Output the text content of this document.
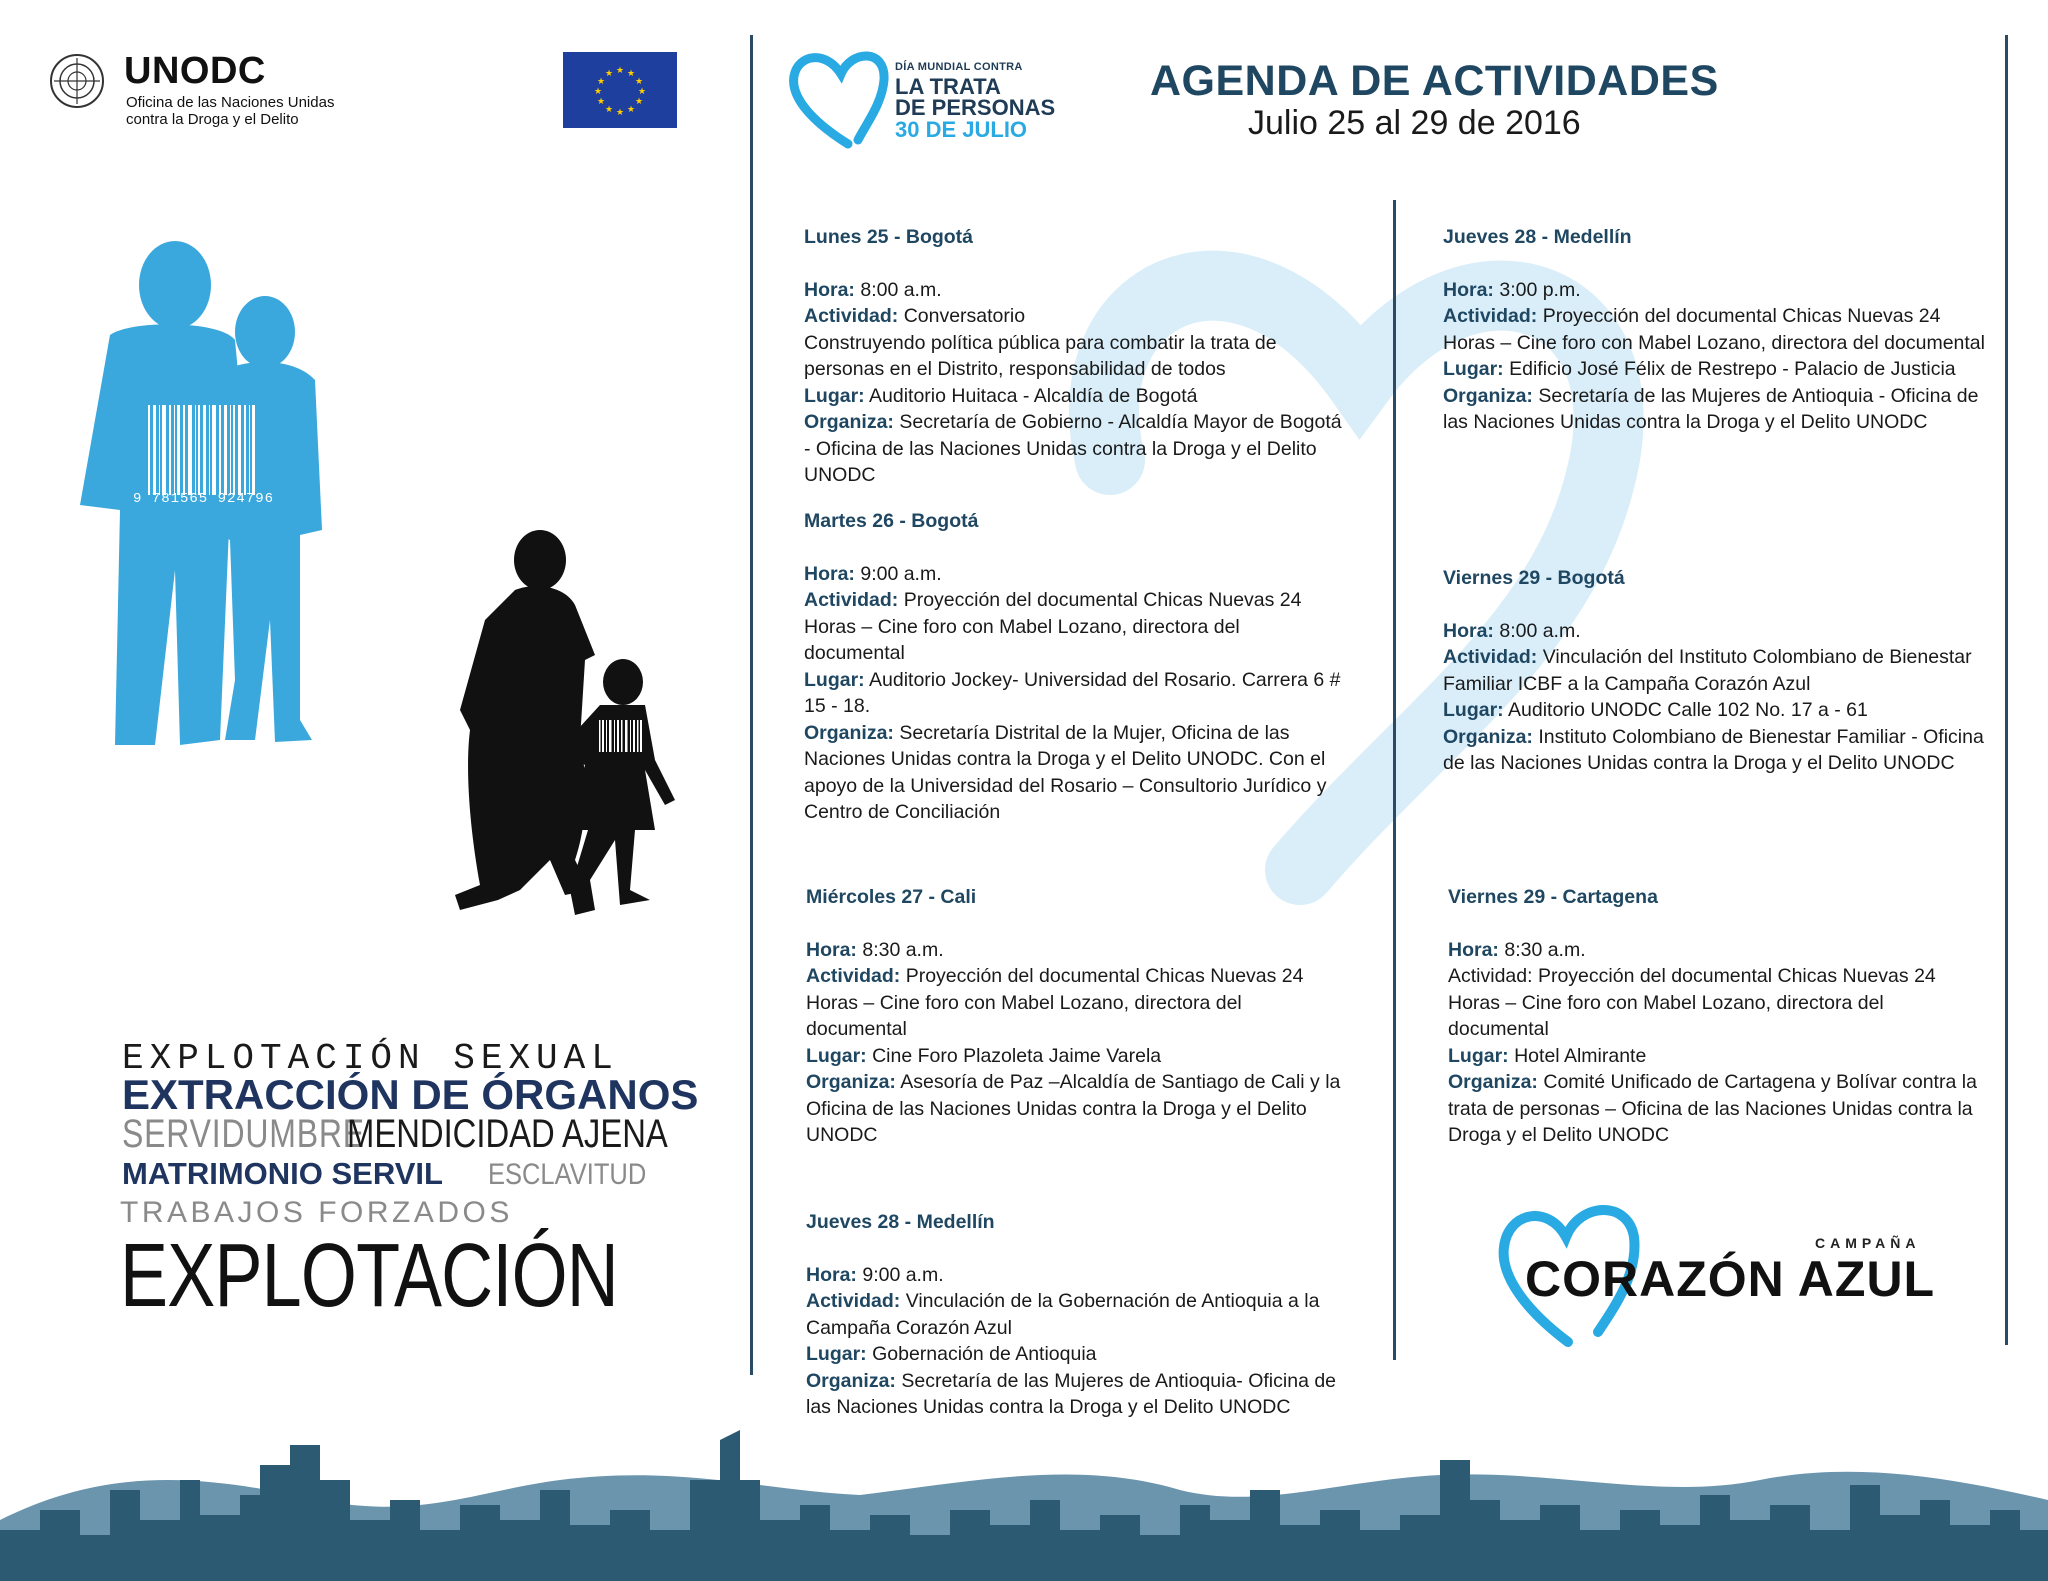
UNODC
Oficina de las Naciones Unidas
contra la Droga y el Delito
★ ★
★
★
★
★
★
★
★
★
★
★
DÍA MUNDIAL CONTRA
LA TRATA
DE PERSONAS
30 DE JULIO
AGENDA DE ACTIVIDADES
Julio 25 al 29 de 2016

Lunes 25 - Bogotá

Hora: 8:00 a.m.

Actividad: Conversatorio

Construyendo política pública para combatir la trata de personas en el Distrito, responsabilidad de todos

Lugar: Auditorio Huitaca - Alcaldía de Bogotá

Organiza: Secretaría de Gobierno - Alcaldía Mayor de Bogotá - Oficina de las Naciones Unidas contra la Droga y el Delito UNODC

Martes 26 - Bogotá

Hora: 9:00 a.m.

Actividad: Proyección del documental Chicas Nuevas 24 Horas – Cine foro con Mabel Lozano, directora del documental

Lugar: Auditorio Jockey- Universidad del Rosario. Carrera 6 # 15 - 18.

Organiza: Secretaría Distrital de la Mujer, Oficina de las Naciones Unidas contra la Droga y el Delito UNODC. Con el apoyo de la Universidad del Rosario – Consultorio Jurídico y Centro de Conciliación

Miércoles 27 - Cali

Hora: 8:30 a.m.

Actividad: Proyección del documental Chicas Nuevas 24 Horas – Cine foro con Mabel Lozano, directora del documental

Lugar: Cine Foro Plazoleta Jaime Varela

Organiza: Asesoría de Paz –Alcaldía de Santiago de Cali y la Oficina de las Naciones Unidas contra la Droga y el Delito UNODC

Jueves 28 - Medellín

Hora: 9:00 a.m.

Actividad: Vinculación de la Gobernación de Antioquia a la Campaña Corazón Azul

Lugar: Gobernación de Antioquia

Organiza: Secretaría de las Mujeres de Antioquia- Oficina de las Naciones Unidas contra la Droga y el Delito UNODC

Jueves 28 - Medellín

Hora: 3:00 p.m.

Actividad: Proyección del documental Chicas Nuevas 24 Horas – Cine foro con Mabel Lozano, directora del documental

Lugar: Edificio José Félix de Restrepo - Palacio de Justicia

Organiza: Secretaría de las Mujeres de Antioquia - Oficina de las Naciones Unidas contra la Droga y el Delito UNODC

Viernes 29 - Bogotá

Hora: 8:00 a.m.

Actividad: Vinculación del Instituto Colombiano de Bienestar Familiar ICBF a la Campaña Corazón Azul

Lugar: Auditorio UNODC Calle 102 No. 17 a - 61

Organiza: Instituto Colombiano de Bienestar Familiar - Oficina de las Naciones Unidas contra la Droga y el Delito UNODC

Viernes 29 - Cartagena

Hora: 8:30 a.m.

Actividad: Proyección del documental Chicas Nuevas 24 Horas – Cine foro con Mabel Lozano, directora del documental

Lugar: Hotel Almirante

Organiza: Comité Unificado de Cartagena y Bolívar contra la trata de personas – Oficina de las Naciones Unidas contra la Droga y el Delito UNODC

9 781565 924796
EXPLOTACIÓN SEXUAL
EXTRACCIÓN DE ÓRGANOS
SERVIDUMBRE
MENDICIDAD AJENA
MATRIMONIO SERVIL ESCLAVITUD
TRABAJOS FORZADOS
EXPLOTACIÓN	CAMPAÑA
CORAZÓN AZUL
